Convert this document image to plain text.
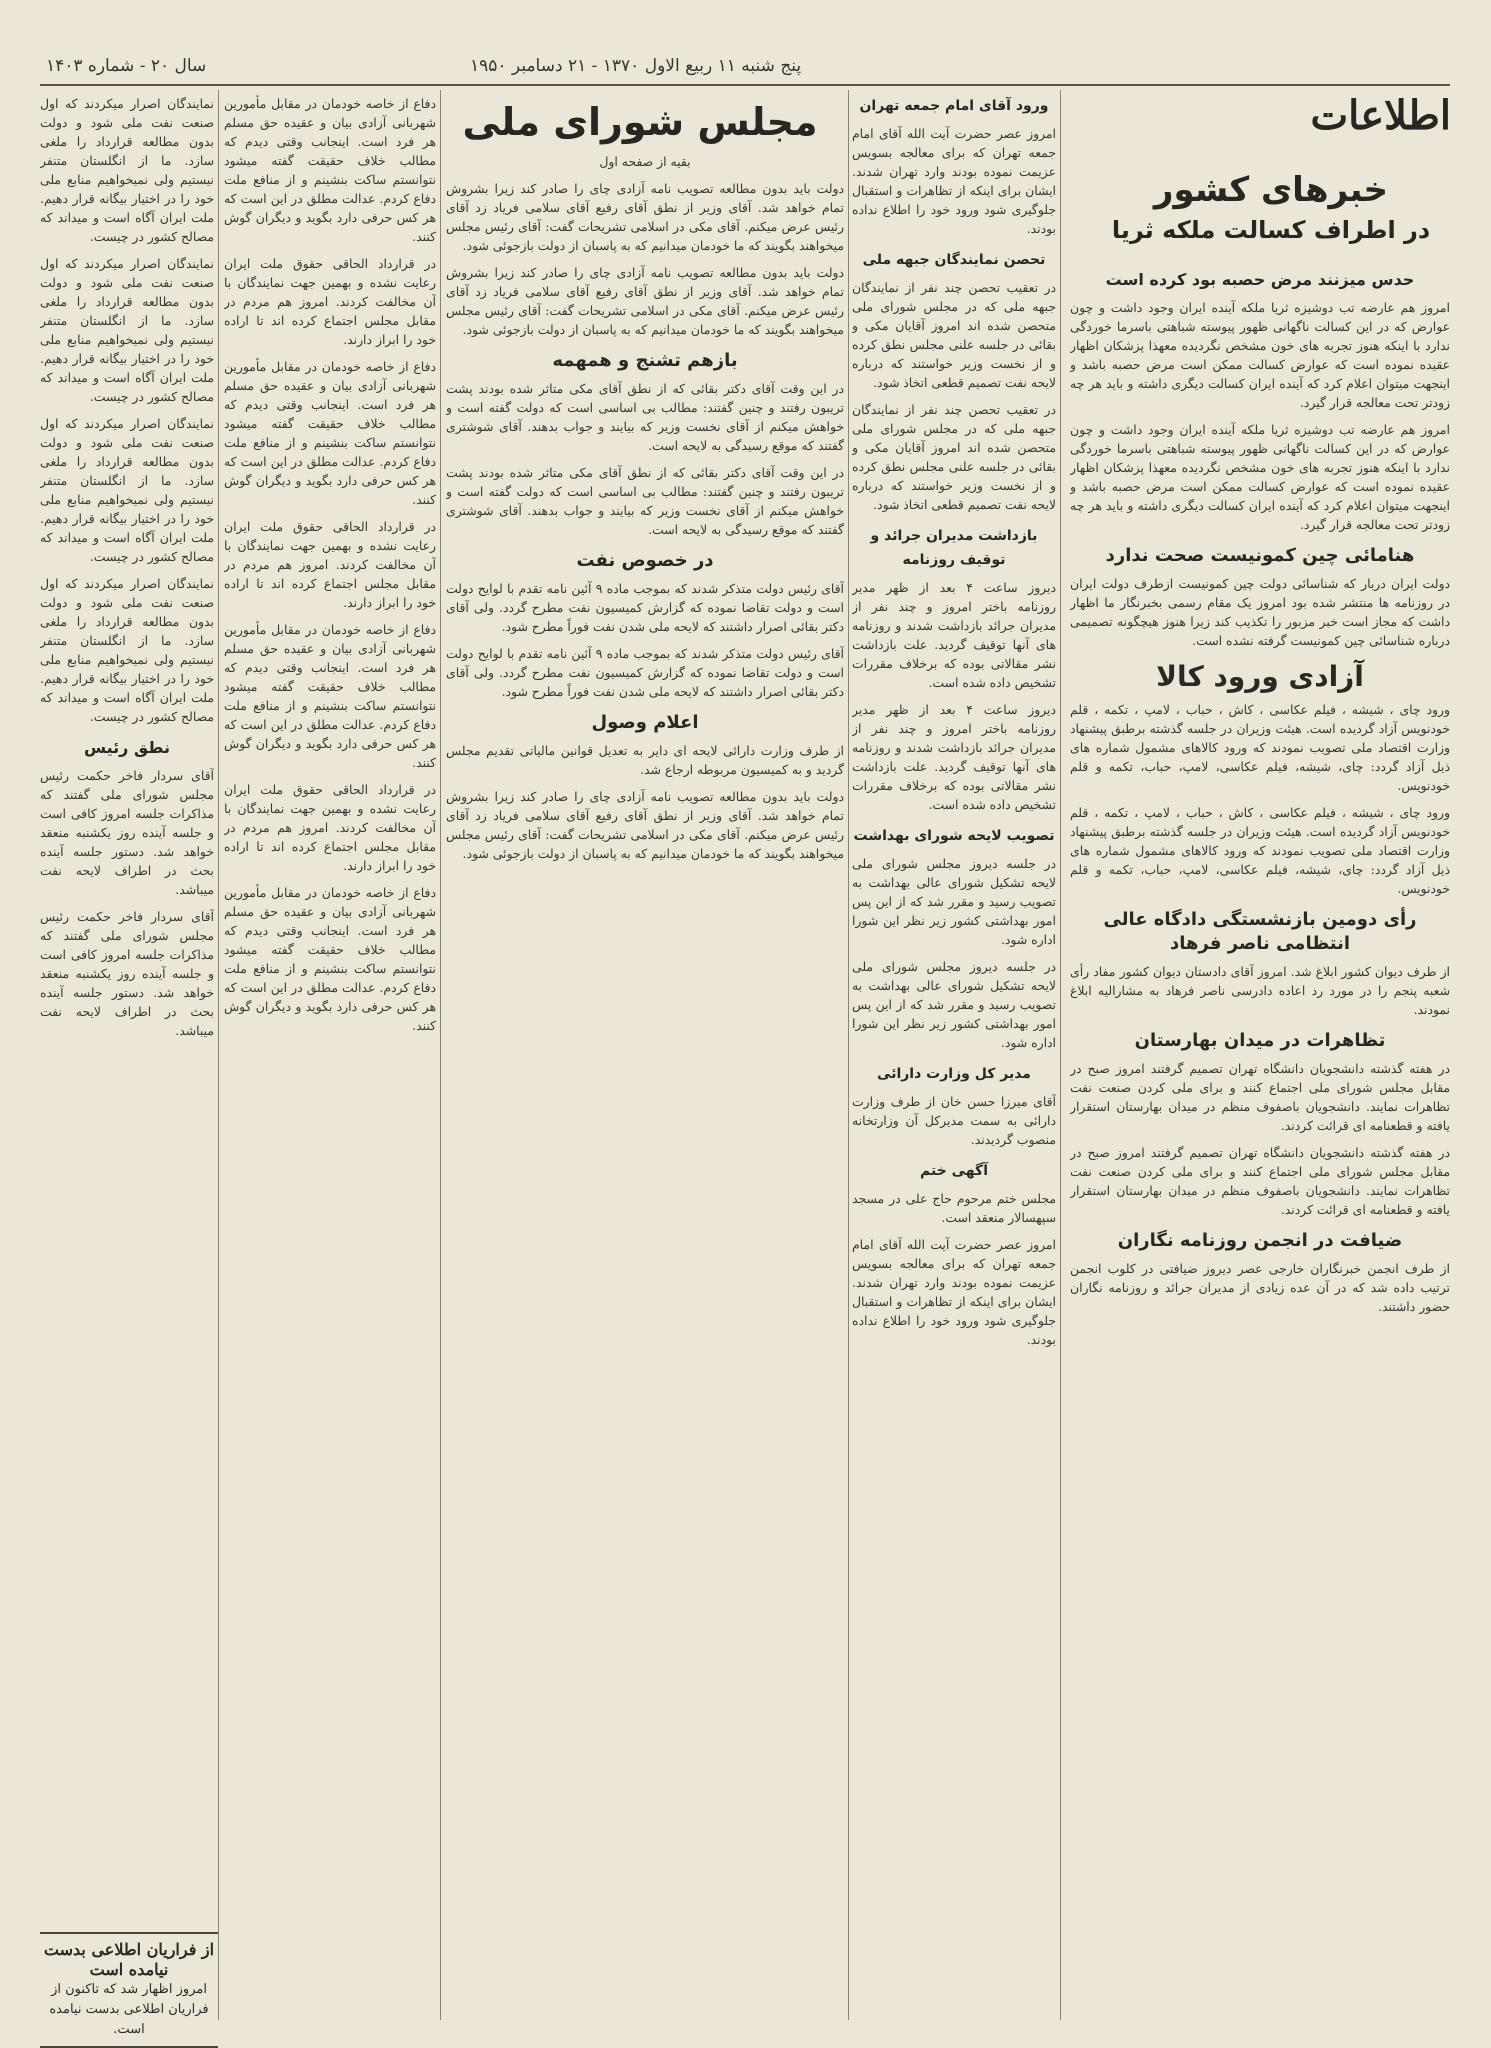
سال ۲۰ - شماره ۱۴۰۳	پنج شنبه ۱۱ ربیع الاول ۱۳۷۰ - ۲۱ دسامبر ۱۹۵۰
اطلاعات
خبرهای کشور
در اطراف کسالت ملکه ثریا
حدس میزنند مرض حصبه بود کرده است

امروز هم عارضه تب دوشیزه ثریا ملکه آینده ایران وجود داشت و چون عوارض که در این کسالت ناگهانی ظهور پیوسته شباهتی باسرما خوردگی ندارد با اینکه هنوز تجربه های خون مشخص نگردیده معهذا پزشکان اظهار عقیده نموده است که عوارض کسالت ممکن است مرض حصبه باشد و اینجهت میتوان اعلام کرد که آینده ایران کسالت دیگری داشته و باید هر چه زودتر تحت معالجه قرار گیرد.

امروز هم عارضه تب دوشیزه ثریا ملکه آینده ایران وجود داشت و چون عوارض که در این کسالت ناگهانی ظهور پیوسته شباهتی باسرما خوردگی ندارد با اینکه هنوز تجربه های خون مشخص نگردیده معهذا پزشکان اظهار عقیده نموده است که عوارض کسالت ممکن است مرض حصبه باشد و اینجهت میتوان اعلام کرد که آینده ایران کسالت دیگری داشته و باید هر چه زودتر تحت معالجه قرار گیرد.

هنامائی چین کمونیست صحت ندارد

دولت ایران دربار که شناسائی دولت چین کمونیست ازطرف دولت ایران در روزنامه ها منتشر شده بود امروز یک مقام رسمی بخبرنگار ما اظهار داشت که مجاز است خبر مزبور را تکذیب کند زیرا هنوز هیچگونه تصمیمی درباره شناسائی چین کمونیست گرفته نشده است.

آزادی ورود کالا

ورود چای ، شیشه ، فیلم عکاسی ، کاش ، حباب ، لامپ ، تکمه ، قلم خودنویس آزاد گردیده است. هیئت وزیران در جلسه گذشته برطبق پیشنهاد وزارت اقتصاد ملی تصویب نمودند که ورود کالاهای مشمول شماره های ذیل آزاد گردد: چای، شیشه، فیلم عکاسی، لامپ، حباب، تکمه و قلم خودنویس.

ورود چای ، شیشه ، فیلم عکاسی ، کاش ، حباب ، لامپ ، تکمه ، قلم خودنویس آزاد گردیده است. هیئت وزیران در جلسه گذشته برطبق پیشنهاد وزارت اقتصاد ملی تصویب نمودند که ورود کالاهای مشمول شماره های ذیل آزاد گردد: چای، شیشه، فیلم عکاسی، لامپ، حباب، تکمه و قلم خودنویس.

رأی دومین بازنشستگی دادگاه عالی انتظامی ناصر فرهاد

از طرف دیوان کشور ابلاغ شد. امروز آقای دادستان دیوان کشور مفاد رأی شعبه پنجم را در مورد رد اعاده دادرسی ناصر فرهاد به مشارالیه ابلاغ نمودند.

تظاهرات در میدان بهارستان

در هفته گذشته دانشجویان دانشگاه تهران تصمیم گرفتند امروز صبح در مقابل مجلس شورای ملی اجتماع کنند و برای ملی کردن صنعت نفت تظاهرات نمایند. دانشجویان باصفوف منظم در میدان بهارستان استقرار یافته و قطعنامه ای قرائت کردند.

در هفته گذشته دانشجویان دانشگاه تهران تصمیم گرفتند امروز صبح در مقابل مجلس شورای ملی اجتماع کنند و برای ملی کردن صنعت نفت تظاهرات نمایند. دانشجویان باصفوف منظم در میدان بهارستان استقرار یافته و قطعنامه ای قرائت کردند.

ضیافت در انجمن روزنامه نگاران

از طرف انجمن خبرنگاران خارجی عصر دیروز ضیافتی در کلوب انجمن ترتیب داده شد که در آن عده زیادی از مدیران جرائد و روزنامه نگاران حضور داشتند.

ورود آقای امام جمعه تهران

امروز عصر حضرت آیت الله آقای امام جمعه تهران که برای معالجه بسویس عزیمت نموده بودند وارد تهران شدند. ایشان برای اینکه از تظاهرات و استقبال جلوگیری شود ورود خود را اطلاع نداده بودند.

تحصن نمایندگان جبهه ملی

در تعقیب تحصن چند نفر از نمایندگان جبهه ملی که در مجلس شورای ملی متحصن شده اند امروز آقایان مکی و بقائی در جلسه علنی مجلس نطق کرده و از نخست وزیر خواستند که درباره لایحه نفت تصمیم قطعی اتخاذ شود.

در تعقیب تحصن چند نفر از نمایندگان جبهه ملی که در مجلس شورای ملی متحصن شده اند امروز آقایان مکی و بقائی در جلسه علنی مجلس نطق کرده و از نخست وزیر خواستند که درباره لایحه نفت تصمیم قطعی اتخاذ شود.

بازداشت مدیران جرائد و توقیف روزنامه

دیروز ساعت ۴ بعد از ظهر مدیر روزنامه باختر امروز و چند نفر از مدیران جرائد بازداشت شدند و روزنامه های آنها توقیف گردید. علت بازداشت نشر مقالاتی بوده که برخلاف مقررات تشخیص داده شده است.

دیروز ساعت ۴ بعد از ظهر مدیر روزنامه باختر امروز و چند نفر از مدیران جرائد بازداشت شدند و روزنامه های آنها توقیف گردید. علت بازداشت نشر مقالاتی بوده که برخلاف مقررات تشخیص داده شده است.

تصویب لایحه شورای بهداشت

در جلسه دیروز مجلس شورای ملی لایحه تشکیل شورای عالی بهداشت به تصویب رسید و مقرر شد که از این پس امور بهداشتی کشور زیر نظر این شورا اداره شود.

در جلسه دیروز مجلس شورای ملی لایحه تشکیل شورای عالی بهداشت به تصویب رسید و مقرر شد که از این پس امور بهداشتی کشور زیر نظر این شورا اداره شود.

مدیر کل وزارت دارائی

آقای میرزا حسن خان از طرف وزارت دارائی به سمت مدیرکل آن وزارتخانه منصوب گردیدند.

آگهی ختم

مجلس ختم مرحوم حاج علی در مسجد سپهسالار منعقد است.

امروز عصر حضرت آیت الله آقای امام جمعه تهران که برای معالجه بسویس عزیمت نموده بودند وارد تهران شدند. ایشان برای اینکه از تظاهرات و استقبال جلوگیری شود ورود خود را اطلاع نداده بودند.

مجلس شورای ملی

بقیه از صفحه اول

دولت باید بدون مطالعه تصویب نامه آزادی چای را صادر کند زیرا بشروش تمام خواهد شد. آقای وزیر از نطق آقای رفیع آقای سلامی فرياد زد آقای رئيس عرض میکنم. آقای مکی در اسلامی تشریحات گفت: آقای رئیس مجلس میخواهند بگویند که ما خودمان میدانیم که به پاسبان از دولت بازجوئی شود.

دولت باید بدون مطالعه تصویب نامه آزادی چای را صادر کند زیرا بشروش تمام خواهد شد. آقای وزیر از نطق آقای رفیع آقای سلامی فرياد زد آقای رئيس عرض میکنم. آقای مکی در اسلامی تشریحات گفت: آقای رئیس مجلس میخواهند بگویند که ما خودمان میدانیم که به پاسبان از دولت بازجوئی شود.

بازهم تشنج و همهمه

در این وقت آقای دکتر بقائی که از نطق آقای مکی متاثر شده بودند پشت تریبون رفتند و چنین گفتند: مطالب بی اساسی است که دولت گفته است و خواهش میکنم از آقای نخست وزیر که بیایند و جواب بدهند. آقای شوشتری گفتند که موقع رسیدگی به لایحه است.

در این وقت آقای دکتر بقائی که از نطق آقای مکی متاثر شده بودند پشت تریبون رفتند و چنین گفتند: مطالب بی اساسی است که دولت گفته است و خواهش میکنم از آقای نخست وزیر که بیایند و جواب بدهند. آقای شوشتری گفتند که موقع رسیدگی به لایحه است.

در خصوص نفت

آقای رئیس دولت متذکر شدند که بموجب ماده ۹ آئین نامه تقدم با لوایح دولت است و دولت تقاضا نموده که گزارش کمیسیون نفت مطرح گردد. ولی آقای دکتر بقائی اصرار داشتند که لایحه ملی شدن نفت فوراً مطرح شود.

آقای رئیس دولت متذکر شدند که بموجب ماده ۹ آئین نامه تقدم با لوایح دولت است و دولت تقاضا نموده که گزارش کمیسیون نفت مطرح گردد. ولی آقای دکتر بقائی اصرار داشتند که لایحه ملی شدن نفت فوراً مطرح شود.

اعلام وصول

از طرف وزارت دارائی لایحه ای دایر به تعدیل قوانین مالیاتی تقدیم مجلس گردید و به کمیسیون مربوطه ارجاع شد.

دولت باید بدون مطالعه تصویب نامه آزادی چای را صادر کند زیرا بشروش تمام خواهد شد. آقای وزیر از نطق آقای رفیع آقای سلامی فرياد زد آقای رئيس عرض میکنم. آقای مکی در اسلامی تشریحات گفت: آقای رئیس مجلس میخواهند بگویند که ما خودمان میدانیم که به پاسبان از دولت بازجوئی شود.

دفاع از خاصه خودمان در مقابل مأمورین شهربانی آزادی بیان و عقیده حق مسلم هر فرد است. اینجانب وقتی دیدم که مطالب خلاف حقیقت گفته میشود نتوانستم ساکت بنشینم و از منافع ملت دفاع کردم. عدالت مطلق در این است که هر کس حرفی دارد بگوید و دیگران گوش کنند.

در قرارداد الحاقی حقوق ملت ایران رعایت نشده و بهمین جهت نمایندگان با آن مخالفت کردند. امروز هم مردم در مقابل مجلس اجتماع کرده اند تا اراده خود را ابراز دارند.

دفاع از خاصه خودمان در مقابل مأمورین شهربانی آزادی بیان و عقیده حق مسلم هر فرد است. اینجانب وقتی دیدم که مطالب خلاف حقیقت گفته میشود نتوانستم ساکت بنشینم و از منافع ملت دفاع کردم. عدالت مطلق در این است که هر کس حرفی دارد بگوید و دیگران گوش کنند.

در قرارداد الحاقی حقوق ملت ایران رعایت نشده و بهمین جهت نمایندگان با آن مخالفت کردند. امروز هم مردم در مقابل مجلس اجتماع کرده اند تا اراده خود را ابراز دارند.

دفاع از خاصه خودمان در مقابل مأمورین شهربانی آزادی بیان و عقیده حق مسلم هر فرد است. اینجانب وقتی دیدم که مطالب خلاف حقیقت گفته میشود نتوانستم ساکت بنشینم و از منافع ملت دفاع کردم. عدالت مطلق در این است که هر کس حرفی دارد بگوید و دیگران گوش کنند.

در قرارداد الحاقی حقوق ملت ایران رعایت نشده و بهمین جهت نمایندگان با آن مخالفت کردند. امروز هم مردم در مقابل مجلس اجتماع کرده اند تا اراده خود را ابراز دارند.

دفاع از خاصه خودمان در مقابل مأمورین شهربانی آزادی بیان و عقیده حق مسلم هر فرد است. اینجانب وقتی دیدم که مطالب خلاف حقیقت گفته میشود نتوانستم ساکت بنشینم و از منافع ملت دفاع کردم. عدالت مطلق در این است که هر کس حرفی دارد بگوید و دیگران گوش کنند.

نمایندگان اصرار میکردند که اول صنعت نفت ملی شود و دولت بدون مطالعه قرارداد را ملغی سازد. ما از انگلستان متنفر نیستیم ولی نمیخواهیم منابع ملی خود را در اختیار بیگانه قرار دهیم. ملت ایران آگاه است و میداند که مصالح کشور در چیست.

نمایندگان اصرار میکردند که اول صنعت نفت ملی شود و دولت بدون مطالعه قرارداد را ملغی سازد. ما از انگلستان متنفر نیستیم ولی نمیخواهیم منابع ملی خود را در اختیار بیگانه قرار دهیم. ملت ایران آگاه است و میداند که مصالح کشور در چیست.

نمایندگان اصرار میکردند که اول صنعت نفت ملی شود و دولت بدون مطالعه قرارداد را ملغی سازد. ما از انگلستان متنفر نیستیم ولی نمیخواهیم منابع ملی خود را در اختیار بیگانه قرار دهیم. ملت ایران آگاه است و میداند که مصالح کشور در چیست.

نمایندگان اصرار میکردند که اول صنعت نفت ملی شود و دولت بدون مطالعه قرارداد را ملغی سازد. ما از انگلستان متنفر نیستیم ولی نمیخواهیم منابع ملی خود را در اختیار بیگانه قرار دهیم. ملت ایران آگاه است و میداند که مصالح کشور در چیست.

نطق رئیس

آقای سردار فاخر حکمت رئیس مجلس شورای ملی گفتند که مذاکرات جلسه امروز کافی است و جلسه آینده روز یکشنبه منعقد خواهد شد. دستور جلسه آینده بحث در اطراف لایحه نفت میباشد.

آقای سردار فاخر حکمت رئیس مجلس شورای ملی گفتند که مذاکرات جلسه امروز کافی است و جلسه آینده روز یکشنبه منعقد خواهد شد. دستور جلسه آینده بحث در اطراف لایحه نفت میباشد.

از فراریان اطلاعی بدست نیامده است
امروز اظهار شد که تاکنون از فراریان اطلاعی بدست نیامده است.
